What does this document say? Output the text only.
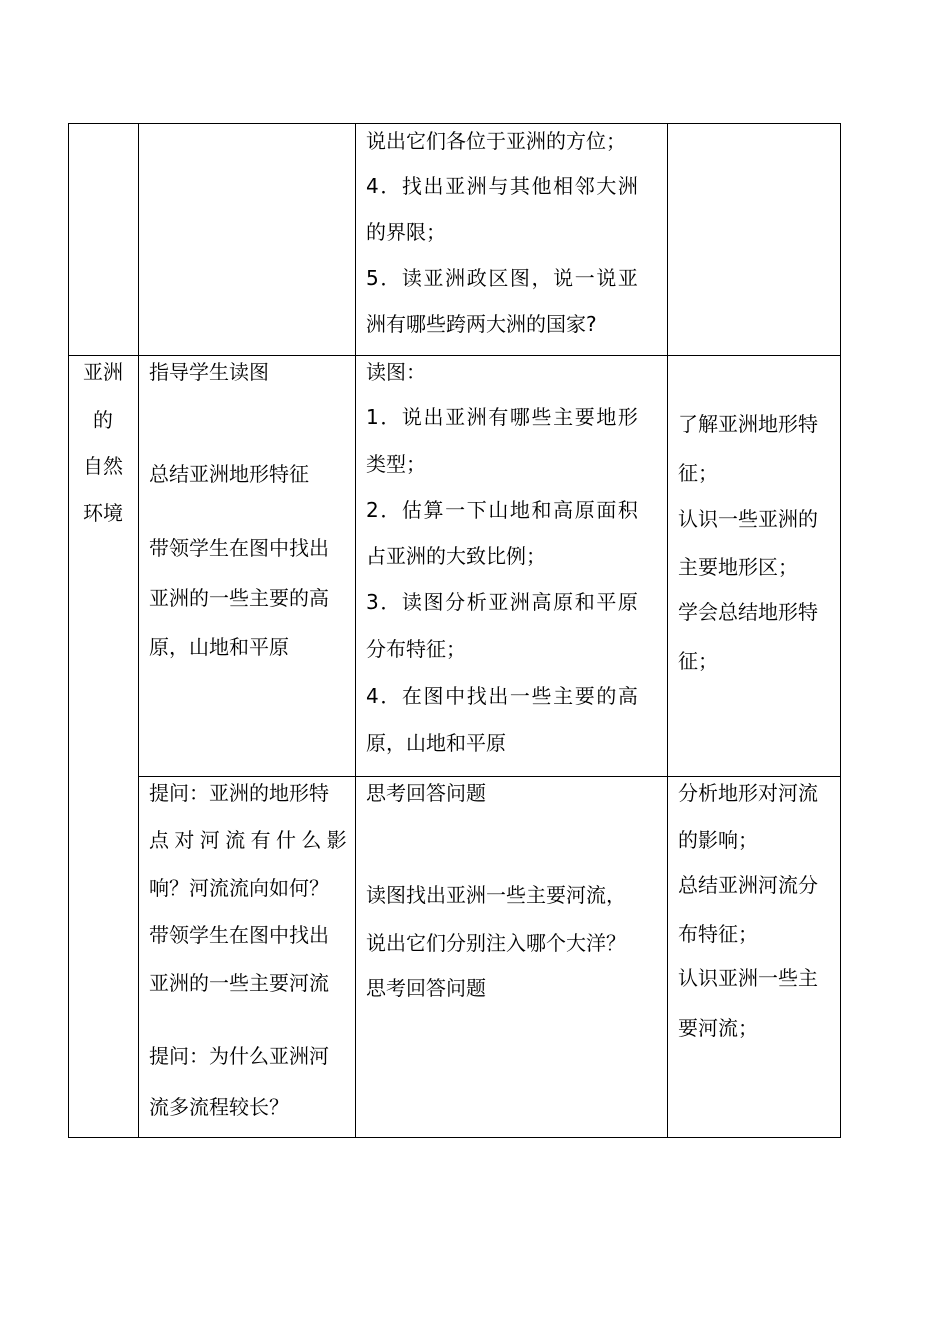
说出它们各位于亚洲的方位；
4．找出亚洲与其他相邻大洲
的界限；
5．读亚洲政区图，说一说亚
洲有哪些跨两大洲的国家?
亚洲
的
自然
环境
指导学生读图
总结亚洲地形特征
带领学生在图中找出
亚洲的一些主要的高
原，山地和平原
读图：
1．说出亚洲有哪些主要地形
类型；
2．估算一下山地和高原面积
占亚洲的大致比例；
3．读图分析亚洲高原和平原
分布特征；
4．在图中找出一些主要的高
原，山地和平原
了解亚洲地形特
征；
认识一些亚洲的
主要地形区；
学会总结地形特
征；
提问：亚洲的地形特
点对河流有什么影
响？河流流向如何？
带领学生在图中找出
亚洲的一些主要河流
提问：为什么亚洲河
流多流程较长？
思考回答问题
读图找出亚洲一些主要河流，
说出它们分别注入哪个大洋？
思考回答问题
分析地形对河流
的影响；
总结亚洲河流分
布特征；
认识亚洲一些主
要河流；
